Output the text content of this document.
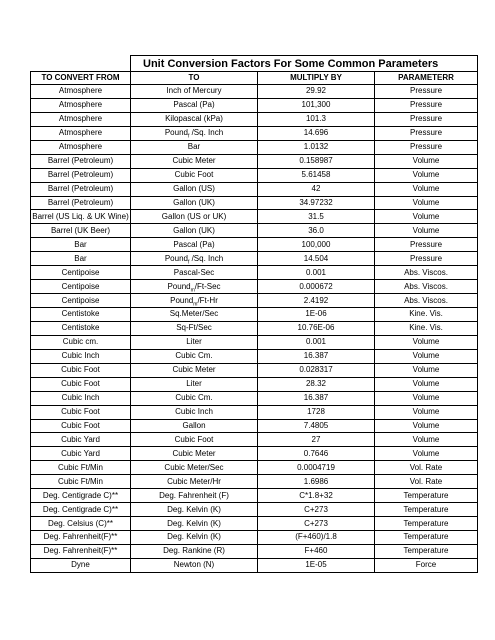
	Unit Conversion Factors For Some Common Parameters		
TO CONVERT FROM	TO	MULTIPLY BY	PARAMETERR
Atmosphere	Inch of Mercury	29.92	Pressure
Atmosphere	Pascal (Pa)	101,300	Pressure
Atmosphere	Kilopascal (kPa)	101.3	Pressure
Atmosphere	Pound$_f$ /Sq. Inch	14.696	Pressure
Atmosphere	Bar	1.0132	Pressure
Barrel (Petroleum)	Cubic Meter	0.158987	Volume
Barrel (Petroleum)	Cubic Foot	5.61458	Volume
Barrel (Petroleum)	Gallon (US)	42	Volume
Barrel (Petroleum)	Gallon (UK)	34.97232	Volume
Barrel (US Liq. & UK Wine)	Gallon (US or UK)	31.5	Volume
Barrel (UK Beer)	Gallon (UK)	36.0	Volume
Bar	Pascal (Pa)	100,000	Pressure
Bar	Pound$_f$ /Sq. Inch	14.504	Pressure
Centipoise	Pascal-Sec	0.001	Abs. Viscos.
Centipoise	Pound$_m$/Ft-Sec	0.000672	Abs. Viscos.
Centipoise	Pound$_m$/Ft-Hr	2.4192	Abs. Viscos.
Centistoke	Sq.Meter/Sec	1E-06	Kine. Vis.
Centistoke	Sq-Ft/Sec	10.76E-06	Kine. Vis.
Cubic cm.	Liter	0.001	Volume
Cubic Inch	Cubic Cm.	16.387	Volume
Cubic Foot	Cubic Meter	0.028317	Volume
Cubic Foot	Liter	28.32	Volume
Cubic Inch	Cubic Cm.	16.387	Volume
Cubic Foot	Cubic Inch	1728	Volume
Cubic Foot	Gallon	7.4805	Volume
Cubic Yard	Cubic Foot	27	Volume
Cubic Yard	Cubic Meter	0.7646	Volume
Cubic Ft/Min	Cubic Meter/Sec	0.0004719	Vol. Rate
Cubic Ft/Min	Cubic Meter/Hr	1.6986	Vol. Rate
Deg. Centigrade C)**	Deg. Fahrenheit (F)	C*1.8+32	Temperature
Deg. Centigrade C)**	Deg. Kelvin (K)	C+273	Temperature
Deg. Celsius (C)**	Deg. Kelvin (K)	C+273	Temperature
Deg. Fahrenheit(F)**	Deg. Kelvin (K)	(F+460)/1.8	Temperature
Deg. Fahrenheit(F)**	Deg. Rankine (R)	F+460	Temperature
Dyne	Newton (N)	1E-05	Force
